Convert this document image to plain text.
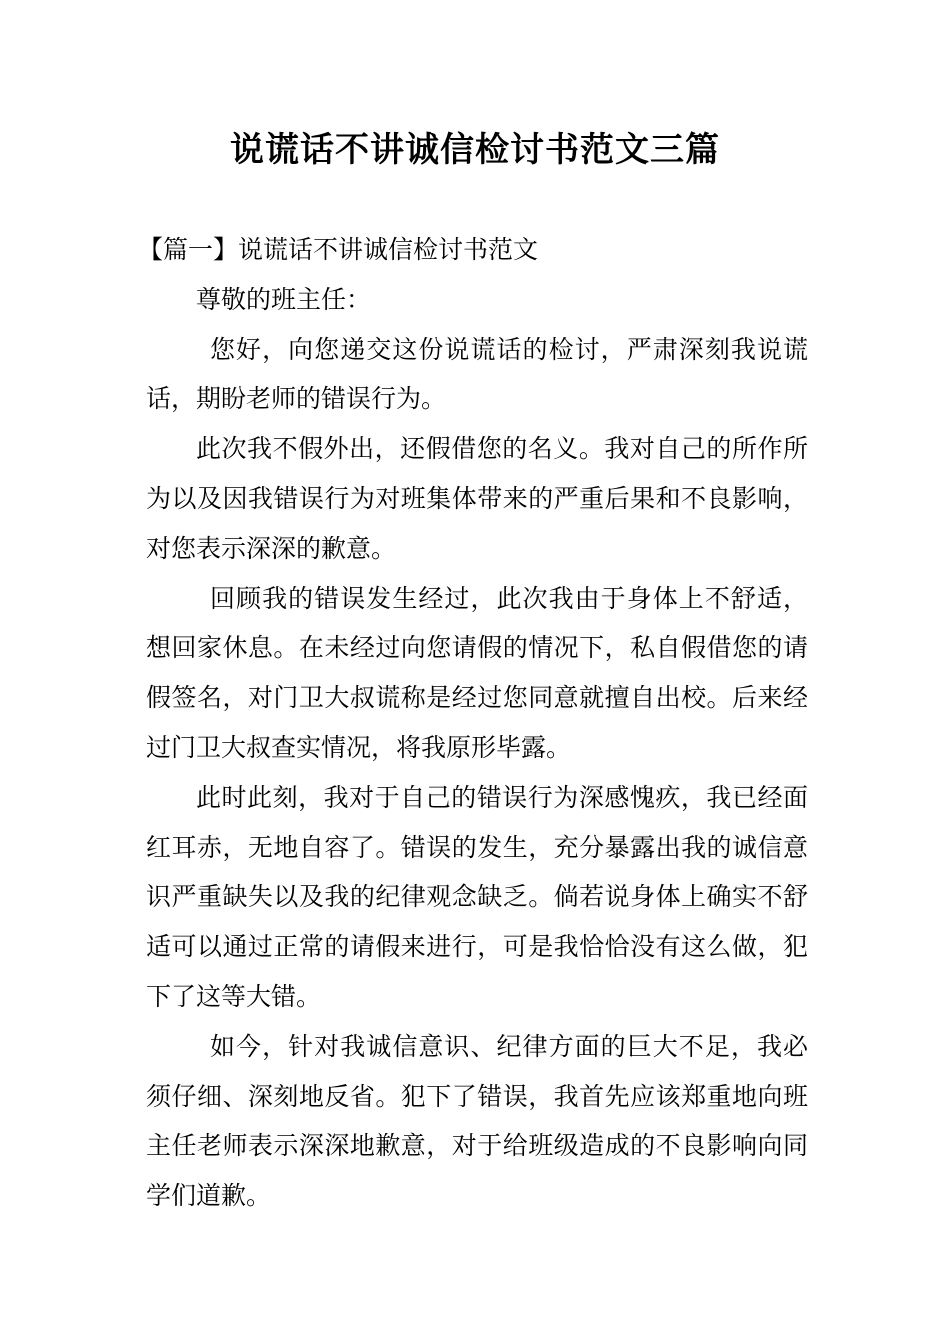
说谎话不讲诚信检讨书范文三篇

【篇一】说谎话不讲诚信检讨书范文

尊敬的班主任：

您好，向您递交这份说谎话的检讨，严肃深刻我说谎话，期盼老师的错误行为。

此次我不假外出，还假借您的名义。我对自己的所作所为以及因我错误行为对班集体带来的严重后果和不良影响，对您表示深深的歉意。

回顾我的错误发生经过，此次我由于身体上不舒适，想回家休息。在未经过向您请假的情况下，私自假借您的请假签名，对门卫大叔谎称是经过您同意就擅自出校。后来经过门卫大叔查实情况，将我原形毕露。

此时此刻，我对于自己的错误行为深感愧疚，我已经面红耳赤，无地自容了。错误的发生，充分暴露出我的诚信意识严重缺失以及我的纪律观念缺乏。倘若说身体上确实不舒适可以通过正常的请假来进行，可是我恰恰没有这么做，犯下了这等大错。

如今，针对我诚信意识、纪律方面的巨大不足，我必须仔细、深刻地反省。犯下了错误，我首先应该郑重地向班主任老师表示深深地歉意，对于给班级造成的不良影响向同学们道歉。
